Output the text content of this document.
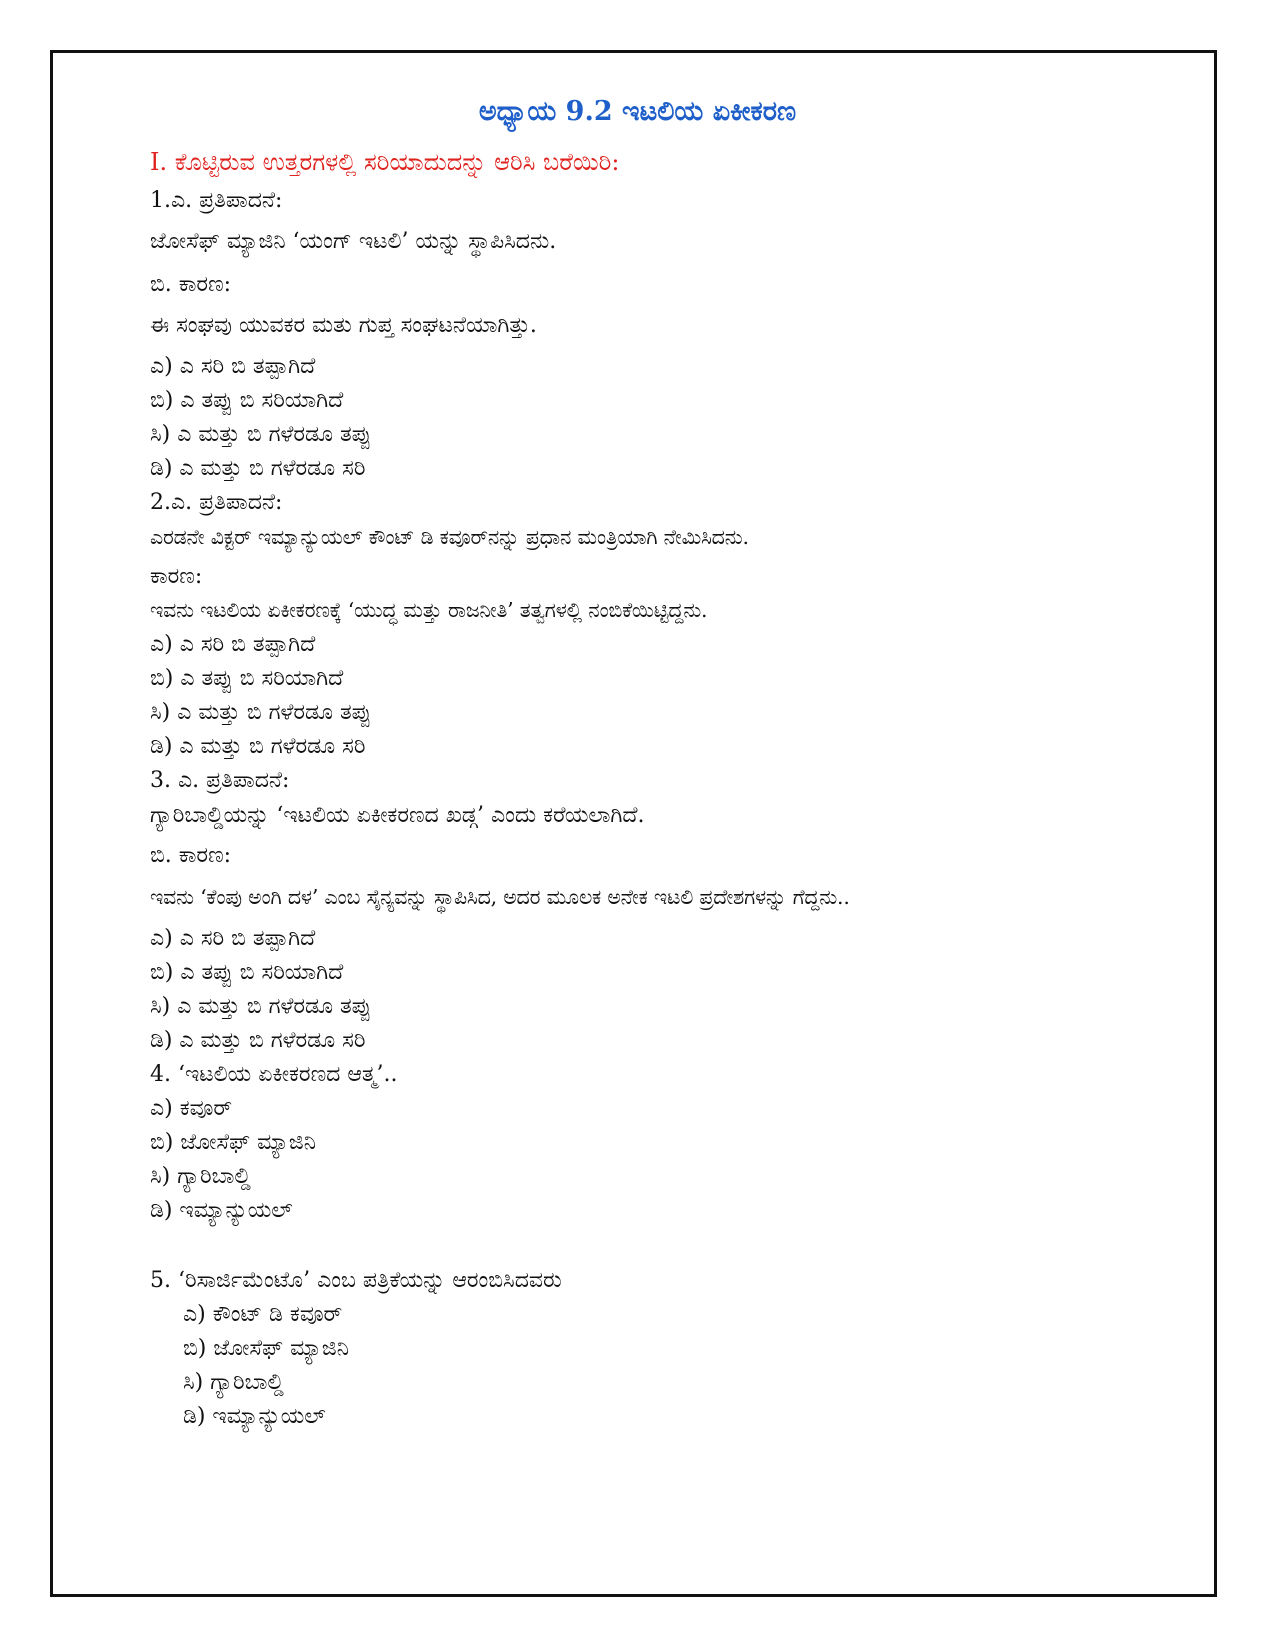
ಅಧ್ಯಾಯ 9.2 ಇಟಲಿಯ ಏಕೀಕರಣ
I. ಕೊಟ್ಟಿರುವ ಉತ್ತರಗಳಲ್ಲಿ ಸರಿಯಾದುದನ್ನು ಆರಿಸಿ ಬರೆಯಿರಿ:
1.ಎ. ಪ್ರತಿಪಾದನೆ:
ಜೋಸೆಫ್ ಮ್ಯಾಜಿನಿ ‘ಯಂಗ್ ಇಟಲಿ’ ಯನ್ನು ಸ್ಥಾಪಿಸಿದನು.
ಬಿ. ಕಾರಣ:
ಈ ಸಂಘವು ಯುವಕರ ಮತು ಗುಪ್ತ ಸಂಘಟನೆಯಾಗಿತ್ತು.
ಎ) ಎ ಸರಿ ಬಿ ತಪ್ಪಾಗಿದೆ
ಬಿ) ಎ ತಪ್ಪು ಬಿ ಸರಿಯಾಗಿದೆ
ಸಿ) ಎ ಮತ್ತು ಬಿ ಗಳೆರಡೂ ತಪ್ಪು
ಡಿ) ಎ ಮತ್ತು ಬಿ ಗಳೆರಡೂ ಸರಿ
2.ಎ. ಪ್ರತಿಪಾದನೆ:
ಎರಡನೇ ವಿಕ್ಟರ್ ಇಮ್ಯಾನ್ಯುಯಲ್ ಕೌಂಟ್ ಡಿ ಕವೂರ್‌ನನ್ನು ಪ್ರಧಾನ ಮಂತ್ರಿಯಾಗಿ ನೇಮಿಸಿದನು.
ಕಾರಣ:
ಇವನು ಇಟಲಿಯ ಏಕೀಕರಣಕ್ಕೆ ‘ಯುದ್ಧ ಮತ್ತು ರಾಜನೀತಿ’ ತತ್ವಗಳಲ್ಲಿ ನಂಬಿಕೆಯಿಟ್ಟಿದ್ದನು.
ಎ) ಎ ಸರಿ ಬಿ ತಪ್ಪಾಗಿದೆ
ಬಿ) ಎ ತಪ್ಪು ಬಿ ಸರಿಯಾಗಿದೆ
ಸಿ) ಎ ಮತ್ತು ಬಿ ಗಳೆರಡೂ ತಪ್ಪು
ಡಿ) ಎ ಮತ್ತು ಬಿ ಗಳೆರಡೂ ಸರಿ
3. ಎ. ಪ್ರತಿಪಾದನೆ:
ಗ್ಯಾರಿಬಾಲ್ಡಿಯನ್ನು ‘ಇಟಲಿಯ ಏಕೀಕರಣದ ಖಡ್ಗ’ ಎಂದು ಕರೆಯಲಾಗಿದೆ.
ಬಿ. ಕಾರಣ:
ಇವನು ‘ಕೆಂಪು ಅಂಗಿ ದಳ’ ಎಂಬ ಸೈನ್ಯವನ್ನು ಸ್ಥಾಪಿಸಿದ, ಅದರ ಮೂಲಕ ಅನೇಕ ಇಟಲಿ ಪ್ರದೇಶಗಳನ್ನು ಗೆದ್ದನು..
ಎ) ಎ ಸರಿ ಬಿ ತಪ್ಪಾಗಿದೆ
ಬಿ) ಎ ತಪ್ಪು ಬಿ ಸರಿಯಾಗಿದೆ
ಸಿ) ಎ ಮತ್ತು ಬಿ ಗಳೆರಡೂ ತಪ್ಪು
ಡಿ) ಎ ಮತ್ತು ಬಿ ಗಳೆರಡೂ ಸರಿ
4. ‘ಇಟಲಿಯ ಏಕೀಕರಣದ ಆತ್ಮ’..
ಎ) ಕವೂರ್
ಬಿ) ಜೋಸೆಫ್ ಮ್ಯಾಜಿನಿ
ಸಿ) ಗ್ಯಾರಿಬಾಲ್ಡಿ
ಡಿ) ಇಮ್ಯಾನ್ಯುಯಲ್
5. ‘ರಿಸಾರ್ಜಿಮೆಂಟೊ’ ಎಂಬ ಪತ್ರಿಕೆಯನ್ನು ಆರಂಬಿಸಿದವರು
ಎ) ಕೌಂಟ್ ಡಿ ಕವೂರ್
ಬಿ) ಜೋಸೆಫ್ ಮ್ಯಾಜಿನಿ
ಸಿ) ಗ್ಯಾರಿಬಾಲ್ಡಿ
ಡಿ) ಇಮ್ಯಾನ್ಯುಯಲ್
